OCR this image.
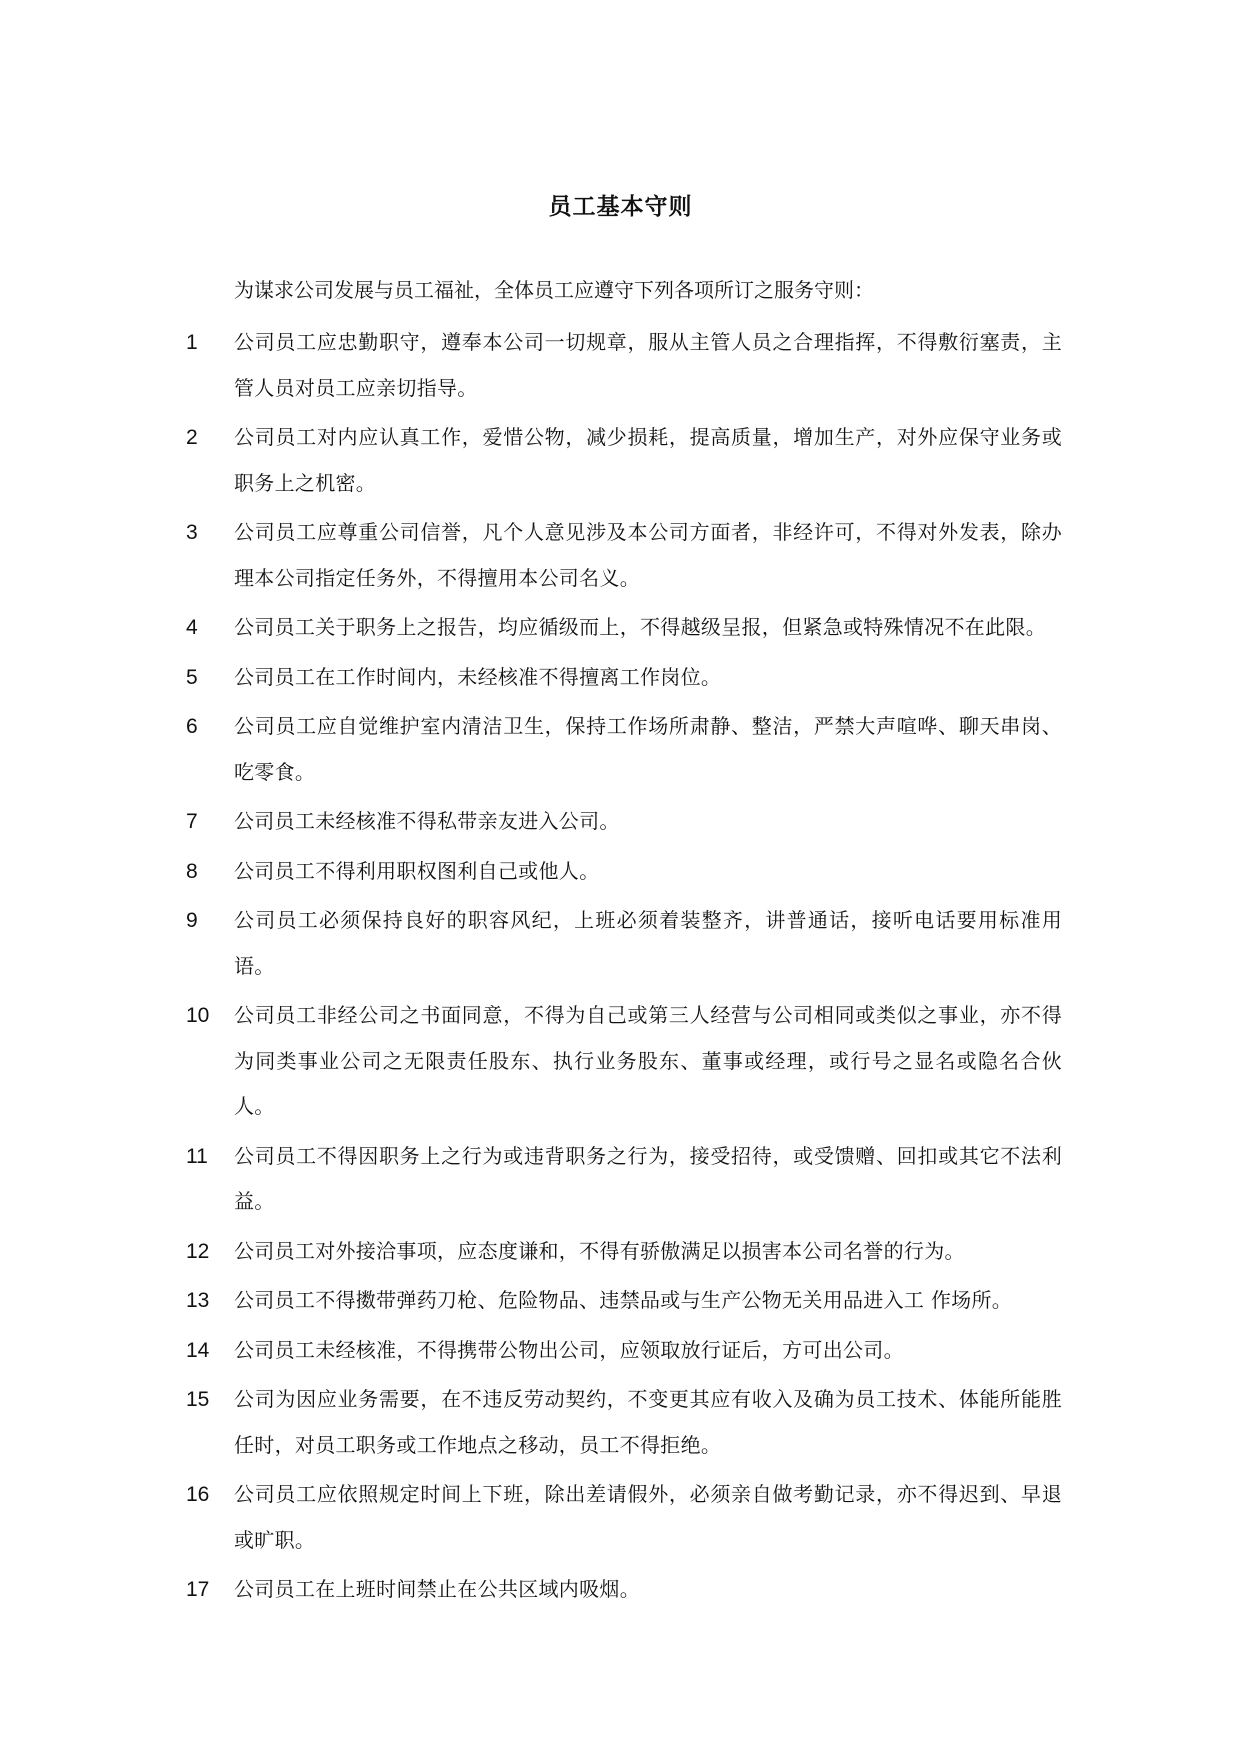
员工基本守则

为谋求公司发展与员工福祉，全体员工应遵守下列各项所订之服务守则：

1	公司员工应忠勤职守，遵奉本公司一切规章，服从主管人员之合理指挥，不得敷衍塞责，主管人员对员工应亲切指导。
2	公司员工对内应认真工作，爱惜公物，减少损耗，提高质量，增加生产，对外应保守业务或职务上之机密。
3	公司员工应尊重公司信誉，凡个人意见涉及本公司方面者，非经许可，不得对外发表，除办理本公司指定任务外，不得擅用本公司名义。
4	公司员工关于职务上之报告，均应循级而上，不得越级呈报，但紧急或特殊情况不在此限。
5	公司员工在工作时间内，未经核准不得擅离工作岗位。
6	公司员工应自觉维护室内清洁卫生，保持工作场所肃静、整洁，严禁大声喧哗、聊天串岗、吃零食。
7	公司员工未经核准不得私带亲友进入公司。
8	公司员工不得利用职权图利自己或他人。
9	公司员工必须保持良好的职容风纪，上班必须着装整齐，讲普通话，接听电话要用标准用语。
10	公司员工非经公司之书面同意，不得为自己或第三人经营与公司相同或类似之事业，亦不得为同类事业公司之无限责任股东、执行业务股东、董事或经理，或行号之显名或隐名合伙人。
11	公司员工不得因职务上之行为或违背职务之行为，接受招待，或受馈赠、回扣或其它不法利益。
12	公司员工对外接洽事项，应态度谦和，不得有骄傲满足以损害本公司名誉的行为。
13	公司员工不得擞带弹药刀枪、危险物品、违禁品或与生产公物无关用品进入工 作场所。
14	公司员工未经核准，不得携带公物出公司，应领取放行证后，方可出公司。
15	公司为因应业务需要，在不违反劳动契约，不变更其应有收入及确为员工技术、体能所能胜任时，对员工职务或工作地点之移动，员工不得拒绝。
16	公司员工应依照规定时间上下班，除出差请假外，必须亲自做考勤记录，亦不得迟到、早退或旷职。
17	公司员工在上班时间禁止在公共区域内吸烟。
